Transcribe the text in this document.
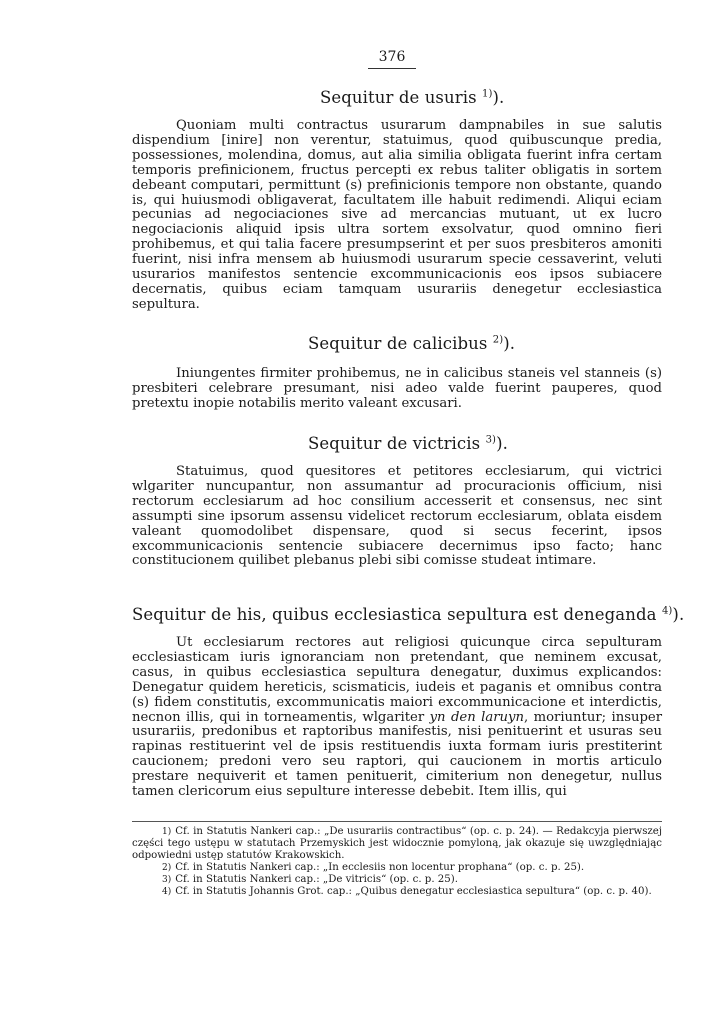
376
Sequitur de usuris $^{1)}$).

Quoniam multi contractus usurarum dampnabiles in sue salutis dispendium [inire] non verentur, statuimus, quod quibuscunque predia, possessiones, molendina, domus, aut alia similia obligata fuerint infra certam temporis prefinicionem, fructus percepti ex rebus taliter obligatis in sortem debeant computari, permittunt (s) prefinicionis tempore non obstante, quando is, qui huiusmodi obligaverat, facultatem ille habuit redimendi. Aliqui eciam pecunias ad negociaciones sive ad mercancias mutuant, ut ex lucro negociacionis aliquid ipsis ultra sortem exsolvatur, quod omnino fieri prohibemus, et qui talia facere presumpserint et per suos presbiteros amoniti fuerint, nisi infra mensem ab huiusmodi usurarum specie cessaverint, veluti usurarios manifestos sentencie excommunicacionis eos ipsos subiacere decernatis, quibus eciam tamquam usurariis denegetur ecclesiastica sepultura.

Sequitur de calicibus $^{2)}$).

Iniungentes firmiter prohibemus, ne in calicibus staneis vel stanneis (s) presbiteri celebrare presumant, nisi adeo valde fuerint pauperes, quod pretextu inopie notabilis merito valeant excusari.

Sequitur de victricis $^{3)}$).

Statuimus, quod quesitores et petitores ecclesiarum, qui victrici wlgariter nuncupantur, non assumantur ad procuracionis officium, nisi rectorum ecclesiarum ad hoc consilium accesserit et consensus, nec sint assumpti sine ipsorum assensu videlicet rectorum ecclesiarum, oblata eisdem valeant quomodolibet dispensare, quod si secus fecerint, ipsos excommunicacionis sentencie subiacere decernimus ipso facto; hanc constitucionem quilibet plebanus plebi sibi comisse studeat intimare.

Sequitur de his, quibus ecclesiastica sepultura est deneganda $^{4)}$).

Ut ecclesiarum rectores aut religiosi quicunque circa sepulturam ecclesiasticam iuris ignoranciam non pretendant, que neminem excusat, casus, in quibus ecclesiastica sepultura denegatur, duximus explicandos: Denegatur quidem hereticis, scismaticis, iudeis et paganis et omnibus contra (s) fidem constitutis, excommunicatis maiori excommunicacione et interdictis, necnon illis, qui in torneamentis, wlgariter yn den laruyn, moriuntur; insuper usurariis, predonibus et raptoribus manifestis, nisi penituerint et usuras seu rapinas restituerint vel de ipsis restituendis iuxta formam iuris prestiterint caucionem; predoni vero seu raptori, qui caucionem in mortis articulo prestare nequiverit et tamen penituerit, cimiterium non denegetur, nullus tamen clericorum eius sepulture interesse debebit. Item illis, qui

1) Cf. in Statutis Nankeri cap.: „De usurariis contractibus“ (op. c. p. 24). — Redakcyja pierwszej części tego ustępu w statutach Przemyskich jest widocznie pomyloną, jak okazuje się uwzględniając odpowiedni ustęp statutów Krakowskich.

2) Cf. in Statutis Nankeri cap.: „In ecclesiis non locentur prophana“ (op. c. p. 25).

3) Cf. in Statutis Nankeri cap.: „De vitricis“ (op. c. p. 25).

4) Cf. in Statutis Johannis Grot. cap.: „Quibus denegatur ecclesiastica sepultura“ (op. c. p. 40).
